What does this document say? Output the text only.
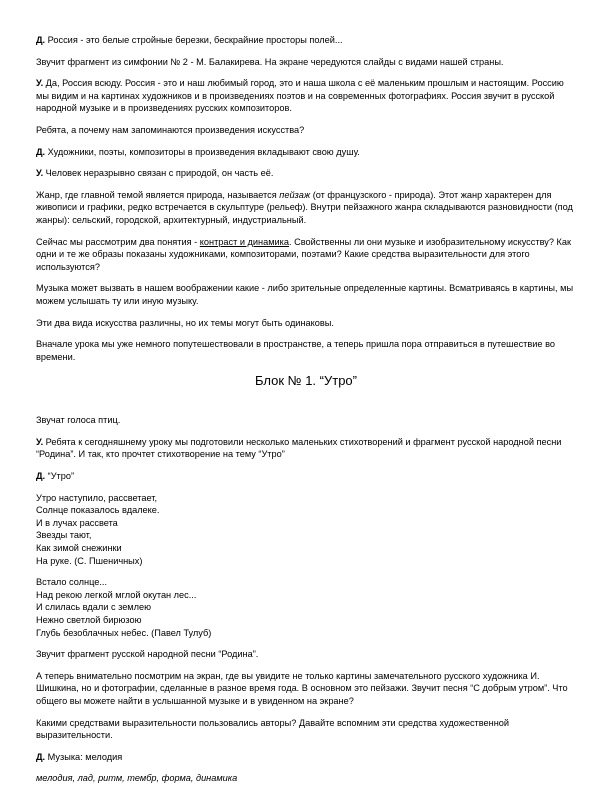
Д. Россия - это белые стройные березки, бескрайние просторы полей...

Звучит фрагмент из симфонии № 2 - М. Балакирева. На экране чередуются слайды с видами нашей страны.

У. Да, Россия всюду. Россия - это и наш любимый город, это и наша школа с её маленьким прошлым и настоящим. Россию мы видим и на картинах художников и в произведениях поэтов и на современных фотографиях. Россия звучит в русской народной музыке и в произведениях русских композиторов.

Ребята, а почему нам запоминаются произведения искусства?

Д. Художники, поэты, композиторы в произведения вкладывают свою душу.

У. Человек неразрывно связан с природой, он часть её.

Жанр, где главной темой является природа, называется пейзаж (от французского - природа). Этот жанр характерен для живописи и графики, редко встречается в скульптуре (рельеф). Внутри пейзажного жанра складываются разновидности (под жанры): сельский, городской, архитектурный, индустриальный.

Сейчас мы рассмотрим два понятия - контраст и динамика. Свойственны ли они музыке и изобразительному искусству? Как одни и те же образы показаны художниками, композиторами, поэтами? Какие средства выразительности для этого используются?

Музыка может вызвать в нашем воображении какие - либо зрительные определенные картины. Всматриваясь в картины, мы можем услышать ту или иную музыку.

Эти два вида искусства различны, но их темы могут быть одинаковы.

Вначале урока мы уже немного попутешествовали в пространстве, а теперь пришла пора отправиться в путешествие во времени.

Блок № 1. “Утро”

Звучат голоса птиц.

У. Ребята к сегодняшнему уроку мы подготовили несколько маленьких стихотворений и фрагмент русской народной песни “Родина”. И так, кто прочтет стихотворение на тему “Утро”

Д. “Утро”

Утро наступило, рассветает,
Солнце показалось вдалеке.
И в лучах рассвета
Звезды тают,
Как зимой снежинки
На руке. (С. Пшеничных)
Встало солнце...
Над рекою легкой мглой окутан лес...
И слилась вдали с землею
Нежно светлой бирюзою
Глубь безоблачных небес. (Павел Тулуб)

Звучит фрагмент русской народной песни “Родина”.

А теперь внимательно посмотрим на экран, где вы увидите не только картины замечательного русского художника И. Шишкина, но и фотографии, сделанные в разное время года. В основном это пейзажи. Звучит песня “С добрым утром”. Что общего вы можете найти в услышанной музыке и в увиденном на экране?

Какими средствами выразительности пользовались авторы? Давайте вспомним эти средства художественной выразительности.

Д. Музыка: мелодия

мелодия, лад, ритм, тембр, форма, динамика
